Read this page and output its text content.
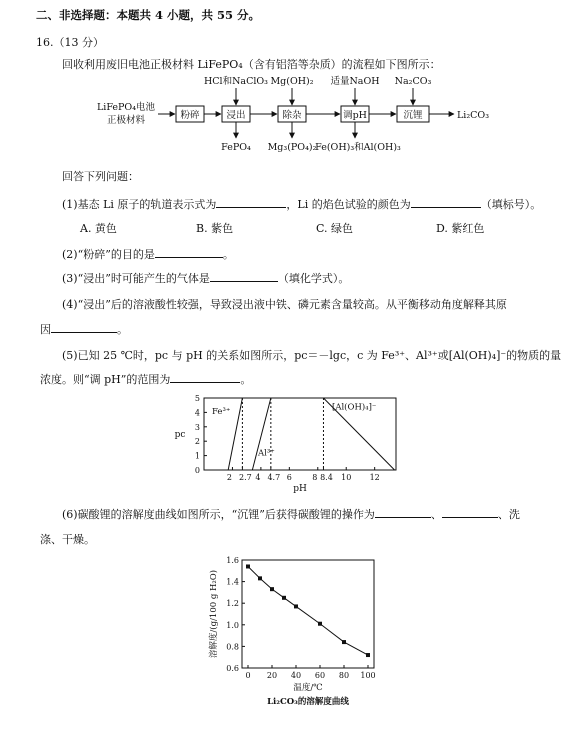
二、非选择题：本题共 4 小题，共 55 分。
16.（13 分）
回收利用废旧电池正极材料 LiFePO₄（含有铝箔等杂质）的流程如下图所示：
LiFePO₄电池
正极材料	粉碎	浸出	除杂	调pH	沉锂	Li₂CO₃
HCl和NaClO₃ Mg(OH)₂ 适量NaOH Na₂CO₃
FePO₄ Mg₃(PO₄)₂
Fe(OH)₃和Al(OH)₃
回答下列问题：
(1)基态 Li 原子的轨道表示式为	，Li 的焰色试验的颜色为	（填标号）。
A. 黄色	B. 紫色	C. 绿色	D. 紫红色
(2)“粉碎”的目的是	。
(3)“浸出”时可能产生的气体是	（填化学式）。
(4)“浸出”后的溶液酸性较强，导致浸出液中铁、磷元素含量较高。从平衡移动角度解释其原
因	。
(5)已知 25 ℃时，pc 与 pH 的关系如图所示，pc＝－lgc，c 为 Fe³⁺、Al³⁺或[Al(OH)₄]⁻的物质的量
浓度。则“调 pH”的范围为	。
0
1
2
3
4
5
2 2.7 4 4.7 6	8 8.4 10 12
Fe³⁺
Al³⁺
[Al(OH)₄]⁻
pH
pc
(6)碳酸锂的溶解度曲线如图所示，“沉锂”后获得碳酸锂的操作为	、	、洗
涤、干燥。
0.6
0.8
1.0
1.2
1.4
1.6
0 20 40 60 80 100
温度/℃
Li₂CO₃的溶解度曲线
溶解度/(g/100 g H₂O)
